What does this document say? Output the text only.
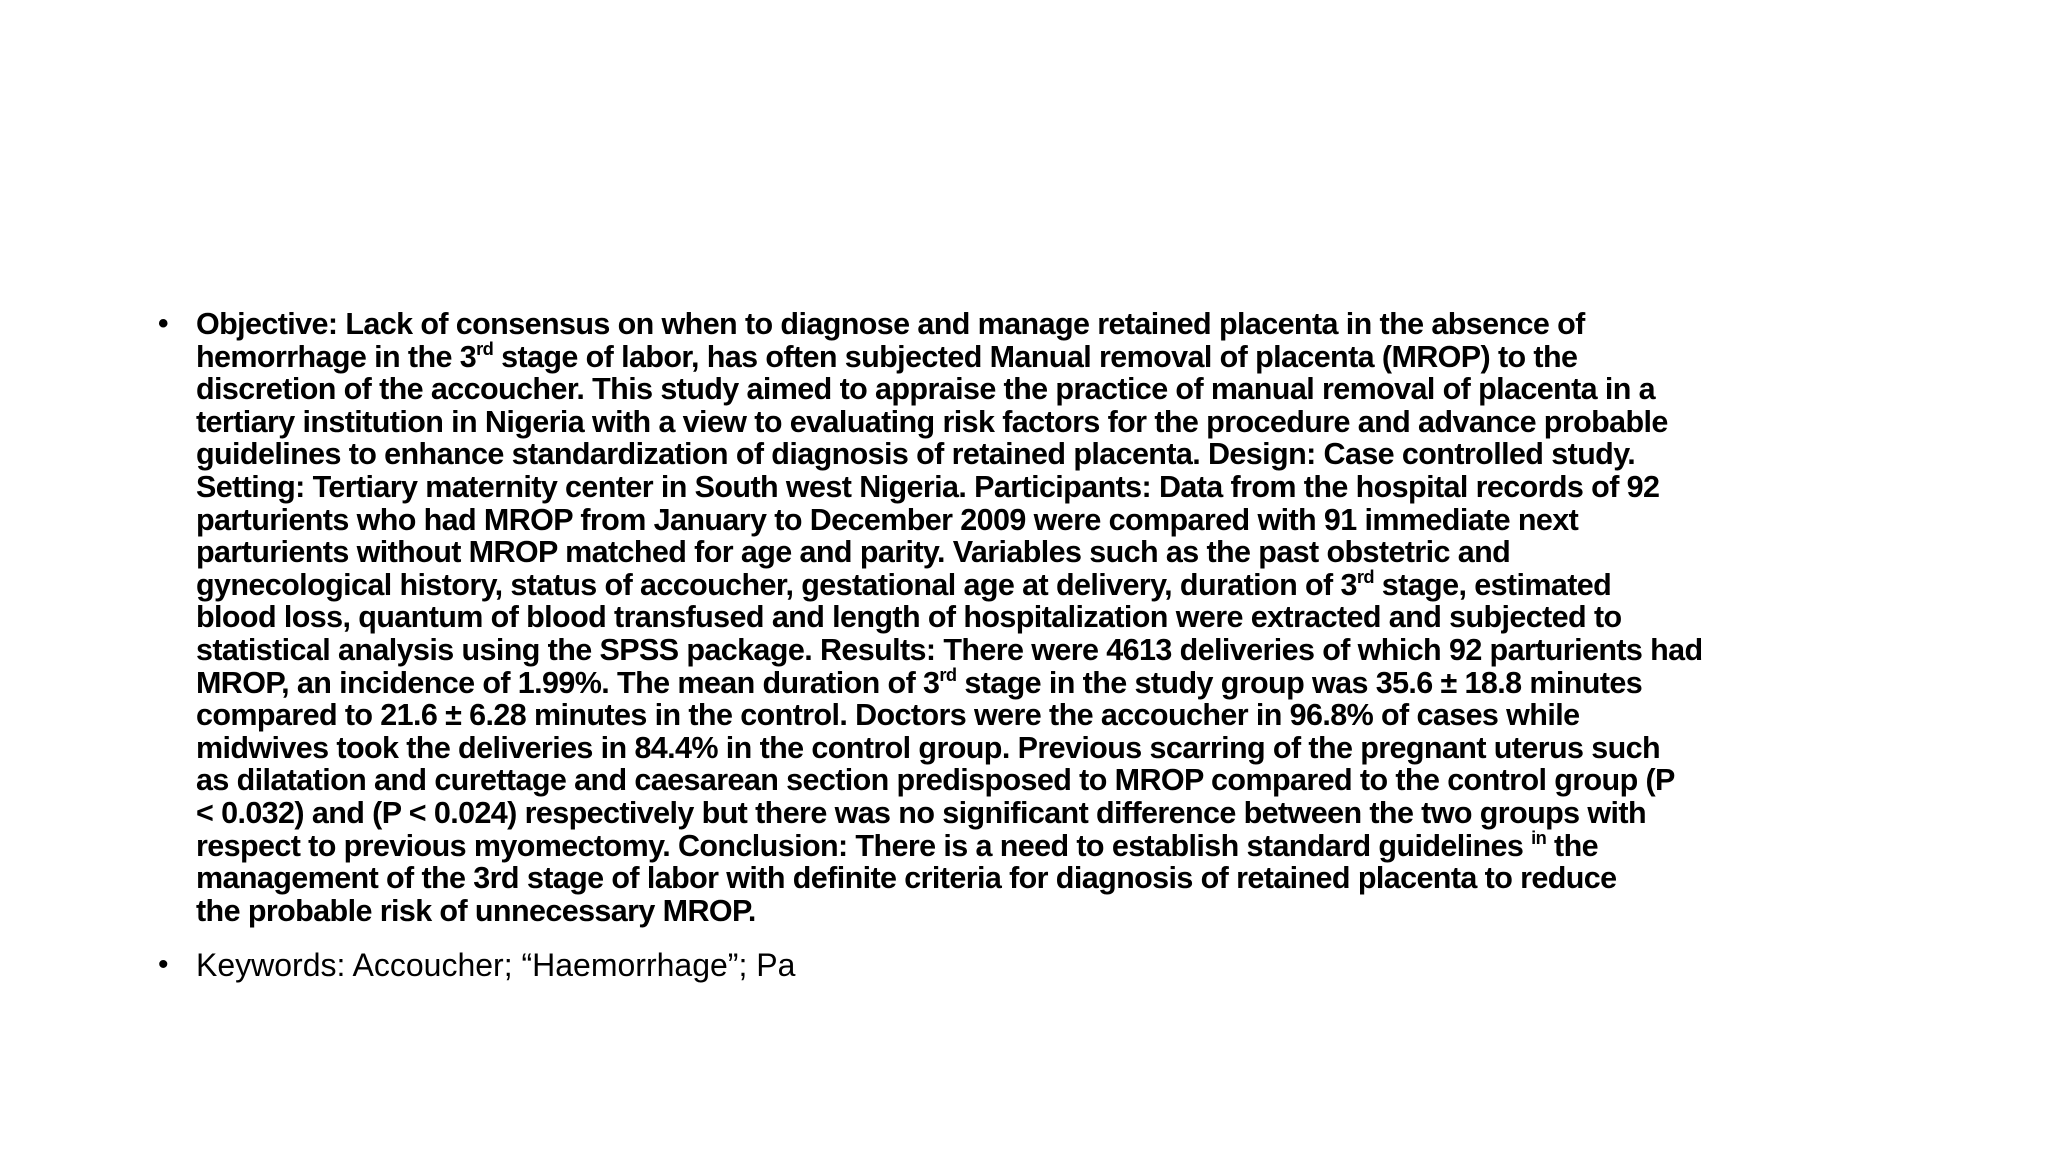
• Objective: Lack of consensus on when to diagnose and manage retained placenta in the absence of
hemorrhage in the 3rd stage of labor, has often subjected Manual removal of placenta (MROP) to the
discretion of the accoucher. This study aimed to appraise the practice of manual removal of placenta in a
tertiary institution in Nigeria with a view to evaluating risk factors for the procedure and advance probable
guidelines to enhance standardization of diagnosis of retained placenta. Design: Case controlled study.
Setting: Tertiary maternity center in South west Nigeria. Participants: Data from the hospital records of 92
parturients who had MROP from January to December 2009 were compared with 91 immediate next
parturients without MROP matched for age and parity. Variables such as the past obstetric and
gynecological history, status of accoucher, gestational age at delivery, duration of 3rd stage, estimated
blood loss, quantum of blood transfused and length of hospitalization were extracted and subjected to
statistical analysis using the SPSS package. Results: There were 4613 deliveries of which 92 parturients had
MROP, an incidence of 1.99%. The mean duration of 3rd stage in the study group was 35.6 ± 18.8 minutes
compared to 21.6 ± 6.28 minutes in the control. Doctors were the accoucher in 96.8% of cases while
midwives took the deliveries in 84.4% in the control group. Previous scarring of the pregnant uterus such
as dilatation and curettage and caesarean section predisposed to MROP compared to the control group (P
< 0.032) and (P < 0.024) respectively but there was no significant difference between the two groups with
respect to previous myomectomy. Conclusion: There is a need to establish standard guidelines $^{in}$ the
management of the 3rd stage of labor with definite criteria for diagnosis of retained placenta to reduce
the probable risk of unnecessary MROP.
• Keywords: Accoucher; “Haemorrhage”; Pa
